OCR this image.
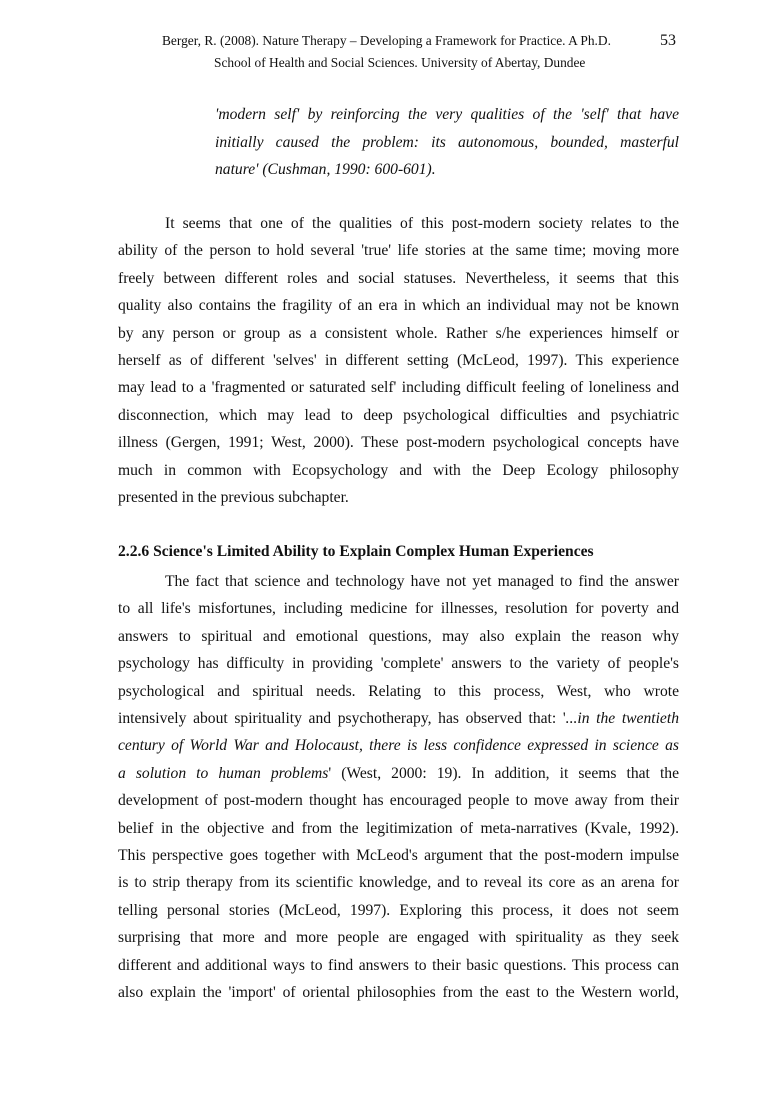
Berger, R. (2008). Nature Therapy – Developing a Framework for Practice. A Ph.D.	53
School of Health and Social Sciences. University of Abertay, Dundee
'modern self' by reinforcing the very qualities of the 'self' that have
initially caused the problem: its autonomous, bounded, masterful
nature' (Cushman, 1990: 600-601).
It seems that one of the qualities of this post-modern society relates to the
ability of the person to hold several 'true' life stories at the same time; moving more
freely between different roles and social statuses. Nevertheless, it seems that this
quality also contains the fragility of an era in which an individual may not be known
by any person or group as a consistent whole. Rather s/he experiences himself or
herself as of different 'selves' in different setting (McLeod, 1997). This experience
may lead to a 'fragmented or saturated self' including difficult feeling of loneliness and
disconnection, which may lead to deep psychological difficulties and psychiatric
illness (Gergen, 1991; West, 2000). These post-modern psychological concepts have
much in common with Ecopsychology and with the Deep Ecology philosophy
presented in the previous subchapter.
2.2.6 Science's Limited Ability to Explain Complex Human Experiences
The fact that science and technology have not yet managed to find the answer
to all life's misfortunes, including medicine for illnesses, resolution for poverty and
answers to spiritual and emotional questions, may also explain the reason why
psychology has difficulty in providing 'complete' answers to the variety of people's
psychological and spiritual needs. Relating to this process, West, who wrote
intensively about spirituality and psychotherapy, has observed that: '...in the twentieth
century of World War and Holocaust, there is less confidence expressed in science as
a solution to human problems' (West, 2000: 19). In addition, it seems that the
development of post-modern thought has encouraged people to move away from their
belief in the objective and from the legitimization of meta-narratives (Kvale, 1992).
This perspective goes together with McLeod's argument that the post-modern impulse
is to strip therapy from its scientific knowledge, and to reveal its core as an arena for
telling personal stories (McLeod, 1997). Exploring this process, it does not seem
surprising that more and more people are engaged with spirituality as they seek
different and additional ways to find answers to their basic questions. This process can
also explain the 'import' of oriental philosophies from the east to the Western world,
